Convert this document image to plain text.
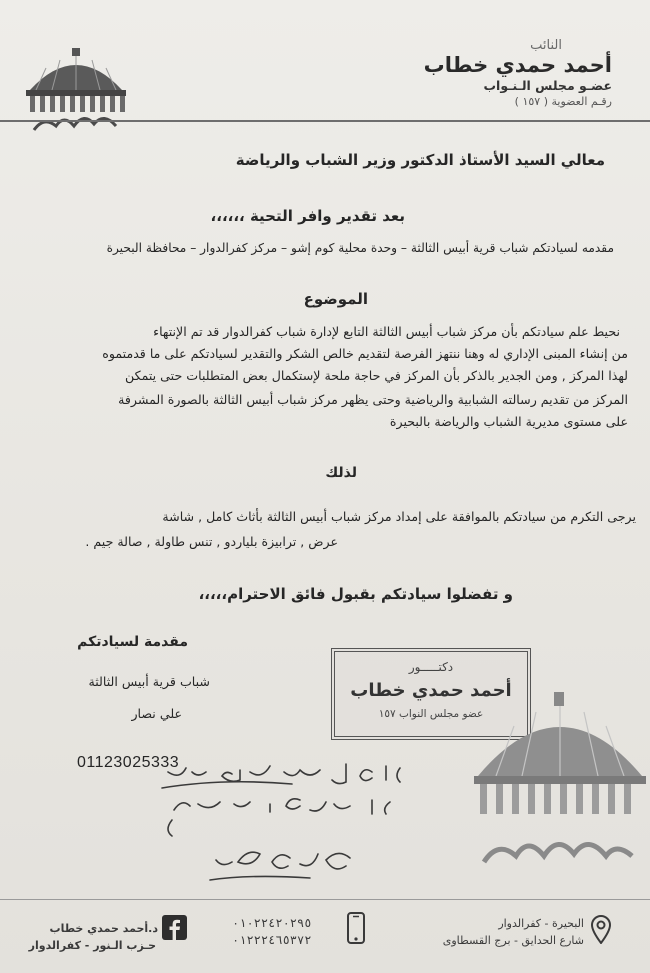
النائب
أحمد حمدي خطاب
عضـو مجلس الـنـواب
رقـم العضوية ( ١٥٧ )
معالي السيد الأستاذ الدكتور وزير الشباب والرياضة
بعد تقدير وافر التحية ،،،،،،
مقدمه لسيادتكم شباب قرية أبيس الثالثة – وحدة محلية كوم إشو – مركز كفرالدوار – محافظة البحيرة
الموضوع
نحيط علم سيادتكم بأن مركز شباب أبيس الثالثة التابع لإدارة شباب كفرالدوار قد تم الإنتهاء
من إنشاء المبنى الإداري له وهنا ننتهز الفرصة لتقديم خالص الشكر والتقدير لسيادتكم على ما قدمتموه
لهذا المركز , ومن الجدير بالذكر بأن المركز في حاجة ملحة لإستكمال بعض المتطلبات حتى يتمكن
المركز من تقديم رسالته الشبابية والرياضية وحتى يظهر مركز شباب أبيس الثالثة بالصورة المشرفة
على مستوى مديرية الشباب والرياضة بالبحيرة
لذلك
يرجى التكرم من سيادتكم بالموافقة على إمداد مركز شباب أبيس الثالثة بأثاث كامل , شاشة
عرض , ترابيزة بلياردو , تنس طاولة , صالة جيم .
و تفضلوا سيادتكم بقبول فائق الاحترام،،،،،
مقدمة لسيادتكم
شباب قرية أبيس الثالثة
علي نصار
01123025333
دكتـــــور
أحمد حمدي خطاب
عضو مجلس النواب ١٥٧
د.أحمد حمدي خطاب
حـزب الـنور - كفرالدوار
٠١٠٢٢٤٢٠٢٩٥
٠١٢٢٢٤٦٥٣٧٢
البحيرة - كفرالدوار
شارع الحدايق - برج القسطاوى
